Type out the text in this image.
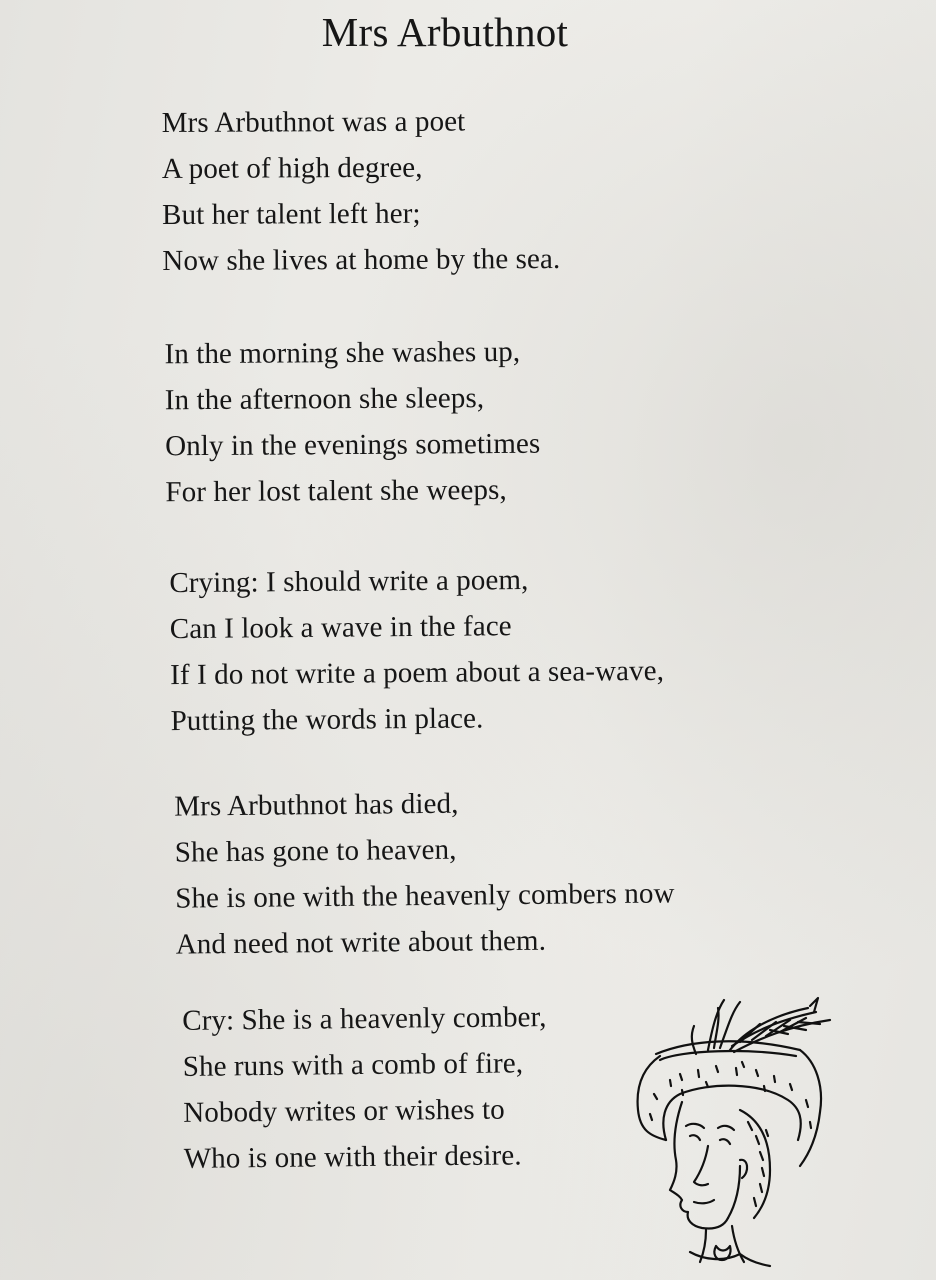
Mrs Arbuthnot
Mrs Arbuthnot was a poet
A poet of high degree,
But her talent left her;
Now she lives at home by the sea.
In the morning she washes up,
In the afternoon she sleeps,
Only in the evenings sometimes
For her lost talent she weeps,
Crying: I should write a poem,
Can I look a wave in the face
If I do not write a poem about a sea-wave,
Putting the words in place.
Mrs Arbuthnot has died,
She has gone to heaven,
She is one with the heavenly combers now
And need not write about them.
Cry: She is a heavenly comber,
She runs with a comb of fire,
Nobody writes or wishes to
Who is one with their desire.
